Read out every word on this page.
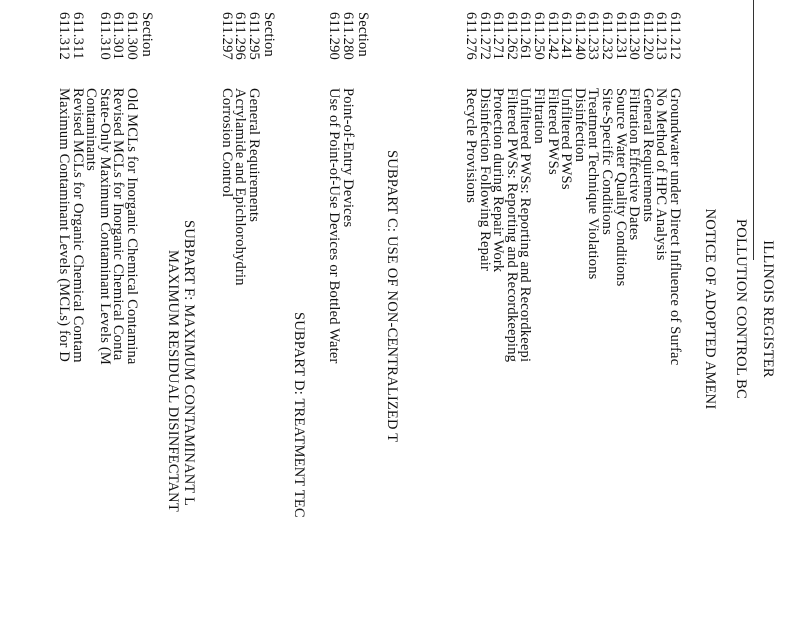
ILLINOIS REGISTER
POLLUTION CONTROL BC
NOTICE OF ADOPTED AMENI
611.212
Groundwater under Direct Influence of Surfac
611.213
No Method of HPC Analysis
611.220
General Requirements
611.230
Filtration Effective Dates
611.231
Source Water Quality Conditions
611.232
Site-Specific Conditions
611.233
Treatment Technique Violations
611.240
Disinfection
611.241
Unfiltered PWSs
611.242
Filtered PWSs
611.250
Filtration
611.261
Unfiltered PWSs: Reporting and Recordkeepi
611.262
Filtered PWSs: Reporting and Recordkeeping
611.271
Protection during Repair Work
611.272
Disinfection Following Repair
611.276
Recycle Provisions
SUBPART C: USE OF NON-CENTRALIZED T
Section
611.280
Point-of-Entry Devices
611.290
Use of Point-of-Use Devices or Bottled Water
SUBPART D: TREATMENT TEC
Section
611.295
General Requirements
611.296
Acrylamide and Epichlorohydrin
611.297
Corrosion Control
SUBPART F: MAXIMUM CONTAMINANT L
MAXIMUM RESIDUAL DISINFECTANT
Section
611.300
Old MCLs for Inorganic Chemical Contamina
611.301
Revised MCLs for Inorganic Chemical Conta
611.310
State-Only Maximum Contaminant Levels (M
Contaminants
611.311
Revised MCLs for Organic Chemical Contam
611.312
Maximum Contaminant Levels (MCLs) for D
